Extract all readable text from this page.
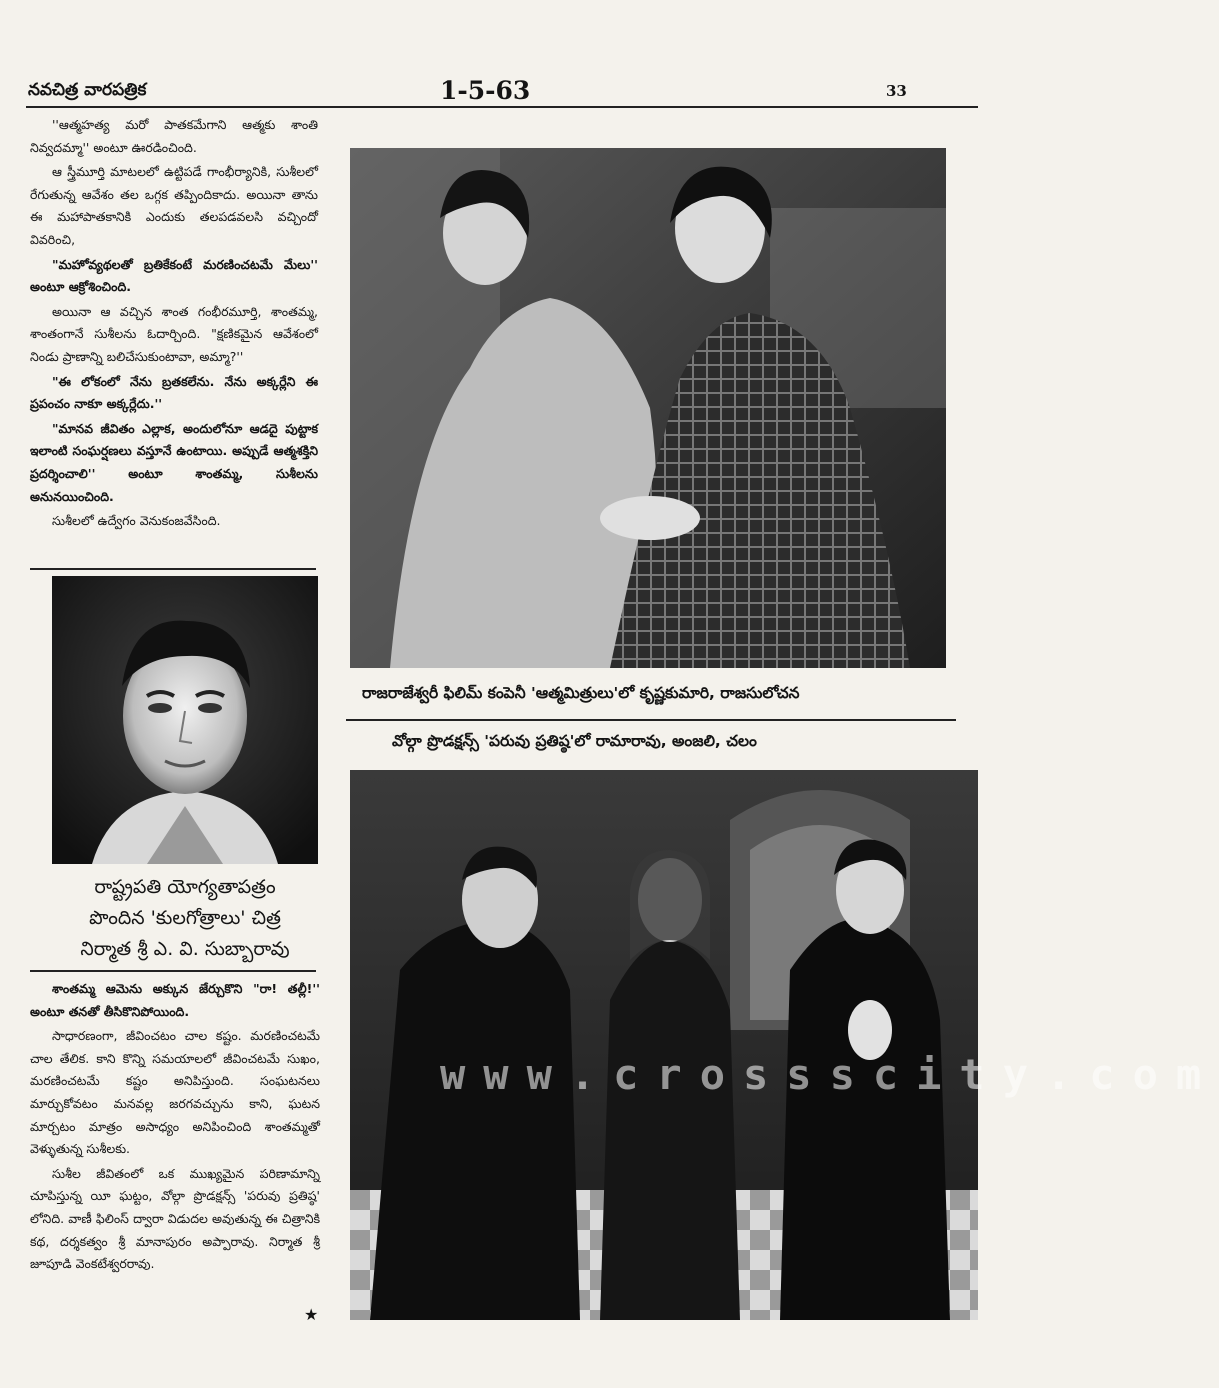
నవచిత్ర వారపత్రిక	1-5-63	33

''ఆత్మహత్య మరో పాతకమేగాని ఆత్మకు శాంతి నివ్వదమ్మా'' అంటూ ఊరడించింది.

ఆ స్త్రీమూర్తి మాటలలో ఉట్టిపడే గాంభీర్యానికి, సుశీలలో రేగుతున్న ఆవేశం తల ఒగ్గక తప్పిందికాదు. అయినా తాను ఈ మహాపాతకానికి ఎందుకు తలపడవలసి వచ్చిందో వివరించి,

"మహోవ్యథలతో బ్రతికేకంటే మరణించటమే మేలు'' అంటూ ఆక్రోశించింది.

అయినా ఆ వచ్చిన శాంత గంభీరమూర్తి, శాంతమ్మ, శాంతంగానే సుశీలను ఓదార్చింది. "క్షణికమైన ఆవేశంలో నిండు ప్రాణాన్ని బలిచేసుకుంటావా, అమ్మా?''

"ఈ లోకంలో నేను బ్రతకలేను. నేను అక్కర్లేని ఈ ప్రపంచం నాకూ అక్కర్లేదు.''

"మానవ జీవితం ఎల్లాక, అందులోనూ ఆడదై పుట్టాక ఇలాంటి సంఘర్షణలు వస్తూనే ఉంటాయి. అప్పుడే ఆత్మశక్తిని ప్రదర్శించాలి'' అంటూ శాంతమ్మ, సుశీలను అనునయించింది.

సుశీలలో ఉద్వేగం వెనుకంజవేసింది.

రాష్ట్రపతి యోగ్యతాపత్రం
పొందిన 'కులగోత్రాలు' చిత్ర
నిర్మాత శ్రీ ఎ. వి. సుబ్బారావు

శాంతమ్మ ఆమెను అక్కున జేర్చుకొని "రా! తల్లీ!'' అంటూ తనతో తీసికొనిపోయింది.

సాధారణంగా, జీవించటం చాల కష్టం. మరణించటమే చాల తేలిక. కాని కొన్ని సమయాలలో జీవించటమే సుఖం, మరణించటమే కష్టం అనిపిస్తుంది. సంఘటనలు మార్చుకోవటం మనవల్ల జరగవచ్చును కాని, ఘటన మార్చటం మాత్రం అసాధ్యం అనిపించింది శాంతమ్మతో వెళ్ళుతున్న సుశీలకు.

సుశీల జీవితంలో ఒక ముఖ్యమైన పరిణామాన్ని చూపిస్తున్న యీ ఘట్టం, వోల్గా ప్రొడక్షన్స్ 'పరువు ప్రతిష్ఠ' లోనిది. వాణీ ఫిలింస్ ద్వారా విడుదల అవుతున్న ఈ చిత్రానికి కథ, దర్శకత్వం శ్రీ మానాపురం అప్పారావు. నిర్మాత శ్రీ జూపూడి వెంకటేశ్వరరావు.

★
రాజరాజేశ్వరీ ఫిలిమ్ కంపెనీ 'ఆత్మమిత్రులు'లో కృష్ణకుమారి, రాజసులోచన
వోల్గా ప్రొడక్షన్స్ 'పరువు ప్రతిష్ఠ'లో రామారావు, అంజలి, చలం
www.crossscity.com
